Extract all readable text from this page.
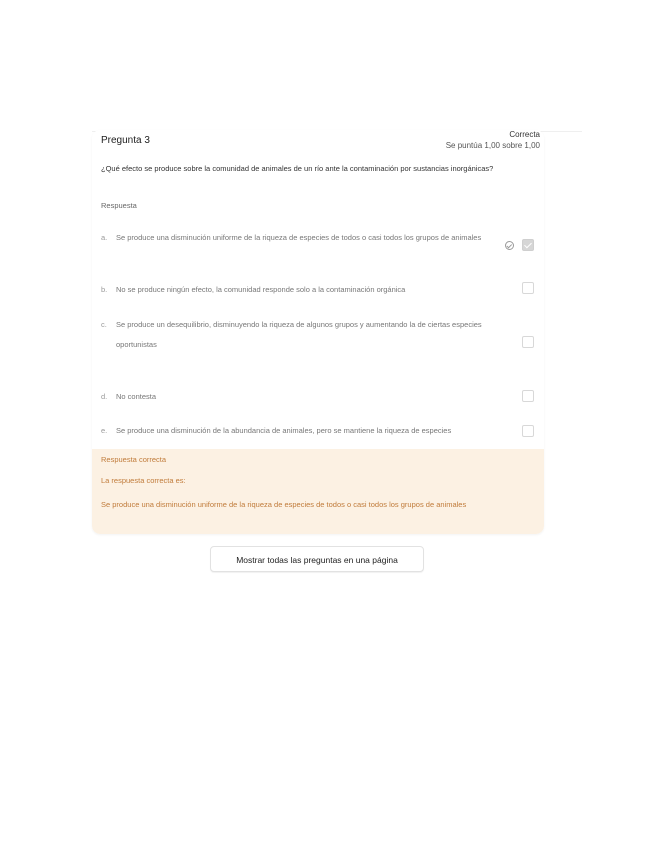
Pregunta 3
Correcta
Se puntúa 1,00 sobre 1,00
¿Qué efecto se produce sobre la comunidad de animales de un río ante la contaminación por sustancias inorgánicas?
Respuesta
a.	Se produce una disminución uniforme de la riqueza de especies de todos o casi todos los grupos de animales
b.	No se produce ningún efecto, la comunidad responde solo a la contaminación orgánica
c.	Se produce un desequilibrio, disminuyendo la riqueza de algunos grupos y aumentando la de ciertas especies oportunistas
d.	No contesta
e.	Se produce una disminución de la abundancia de animales, pero se mantiene la riqueza de especies
Respuesta correcta
La respuesta correcta es:
Se produce una disminución uniforme de la riqueza de especies de todos o casi todos los grupos de animales
Mostrar todas las preguntas en una página
